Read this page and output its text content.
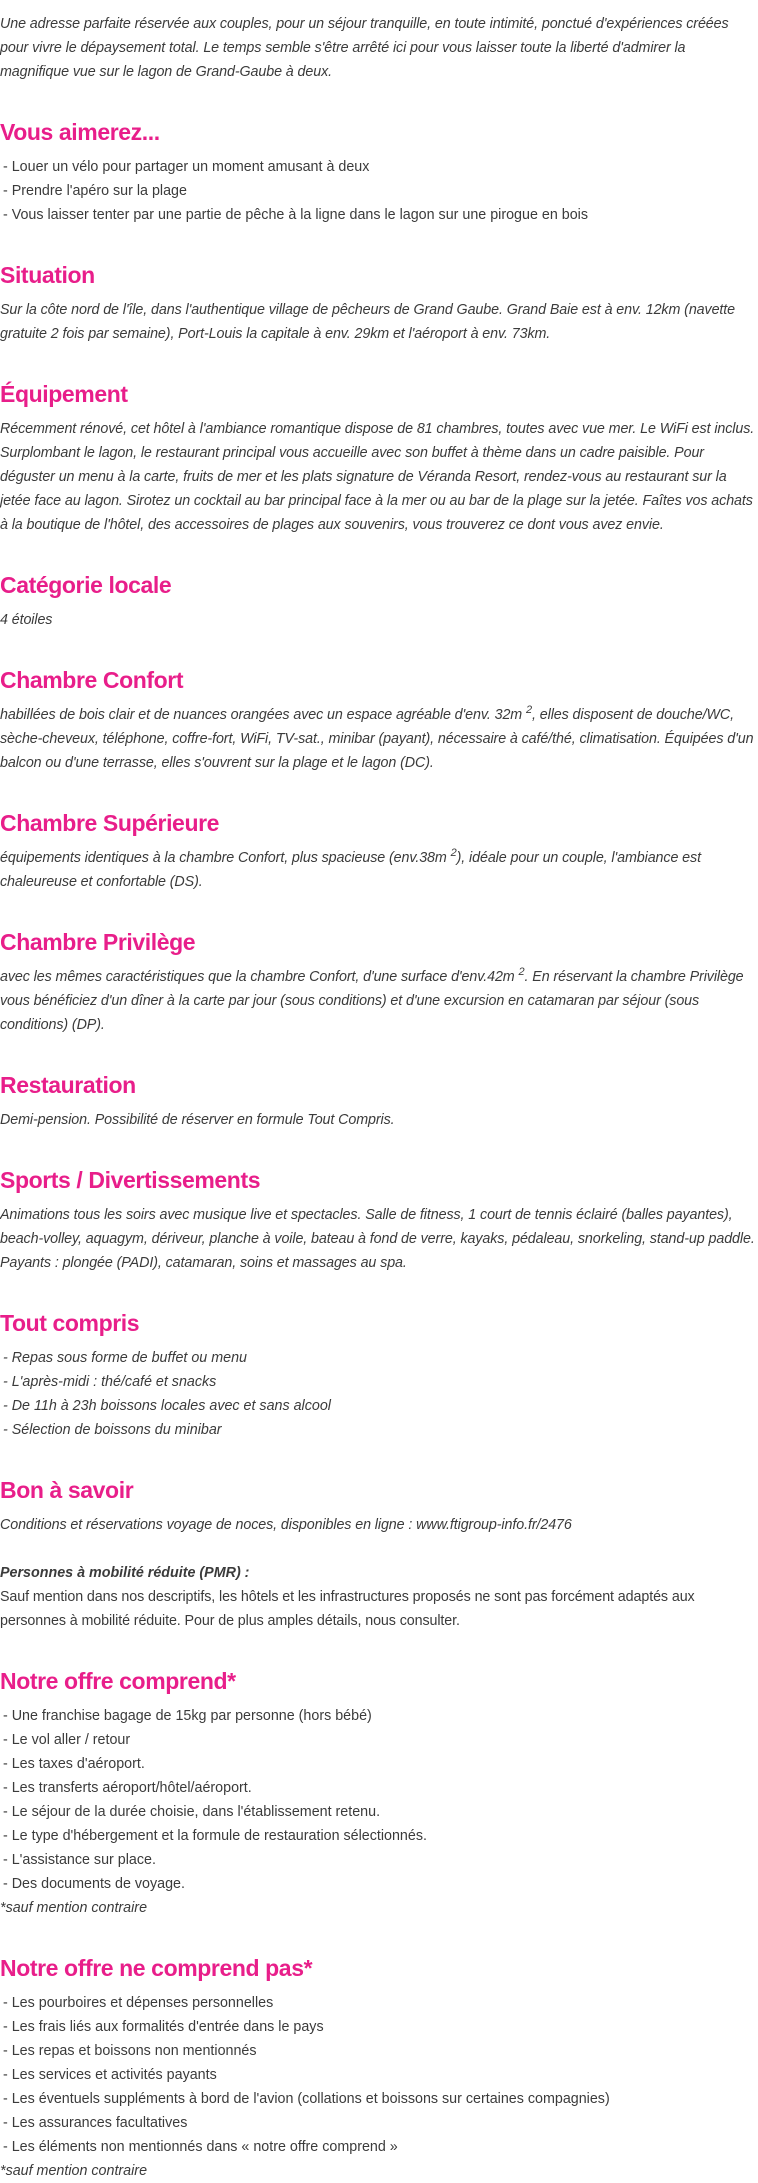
Une adresse parfaite réservée aux couples, pour un séjour tranquille, en toute intimité, ponctué d'expériences créées pour vivre le dépaysement total. Le temps semble s'être arrêté ici pour vous laisser toute la liberté d'admirer la magnifique vue sur le lagon de Grand-Gaube à deux.

Vous aimerez...
- Louer un vélo pour partager un moment amusant à deux
- Prendre l'apéro sur la plage
- Vous laisser tenter par une partie de pêche à la ligne dans le lagon sur une pirogue en bois
Situation

Sur la côte nord de l'île, dans l'authentique village de pêcheurs de Grand Gaube. Grand Baie est à env. 12km (navette gratuite 2 fois par semaine), Port-Louis la capitale à env. 29km et l'aéroport à env. 73km.

Équipement

Récemment rénové, cet hôtel à l'ambiance romantique dispose de 81 chambres, toutes avec vue mer. Le WiFi est inclus. Surplombant le lagon, le restaurant principal vous accueille avec son buffet à thème dans un cadre paisible. Pour déguster un menu à la carte, fruits de mer et les plats signature de Véranda Resort, rendez-vous au restaurant sur la jetée face au lagon. Sirotez un cocktail au bar principal face à la mer ou au bar de la plage sur la jetée. Faîtes vos achats à la boutique de l'hôtel, des accessoires de plages aux souvenirs, vous trouverez ce dont vous avez envie.

Catégorie locale

4 étoiles

Chambre Confort

habillées de bois clair et de nuances orangées avec un espace agréable d'env. 32m $^2$, elles disposent de douche/WC, sèche-cheveux, téléphone, coffre-fort, WiFi, TV-sat., minibar (payant), nécessaire à café/thé, climatisation. Équipées d'un balcon ou d'une terrasse, elles s'ouvrent sur la plage et le lagon (DC).

Chambre Supérieure

équipements identiques à la chambre Confort, plus spacieuse (env.38m $^2$), idéale pour un couple, l'ambiance est chaleureuse et confortable (DS).

Chambre Privilège

avec les mêmes caractéristiques que la chambre Confort, d'une surface d'env.42m $^2$. En réservant la chambre Privilège vous bénéficiez d'un dîner à la carte par jour (sous conditions) et d'une excursion en catamaran par séjour (sous conditions) (DP).

Restauration

Demi-pension. Possibilité de réserver en formule Tout Compris.

Sports / Divertissements

Animations tous les soirs avec musique live et spectacles. Salle de fitness, 1 court de tennis éclairé (balles payantes), beach-volley, aquagym, dériveur, planche à voile, bateau à fond de verre, kayaks, pédaleau, snorkeling, stand-up paddle. Payants : plongée (PADI), catamaran, soins et massages au spa.

Tout compris
- Repas sous forme de buffet ou menu
- L'après-midi : thé/café et snacks
- De 11h à 23h boissons locales avec et sans alcool
- Sélection de boissons du minibar
Bon à savoir

Conditions et réservations voyage de noces, disponibles en ligne : www.ftigroup-info.fr/2476

Personnes à mobilité réduite (PMR) :

Sauf mention dans nos descriptifs, les hôtels et les infrastructures proposés ne sont pas forcément adaptés aux personnes à mobilité réduite. Pour de plus amples détails, nous consulter.

Notre offre comprend*
- Une franchise bagage de 15kg par personne (hors bébé)
- Le vol aller / retour
- Les taxes d'aéroport.
- Les transferts aéroport/hôtel/aéroport.
- Le séjour de la durée choisie, dans l'établissement retenu.
- Le type d'hébergement et la formule de restauration sélectionnés.
- L'assistance sur place.
- Des documents de voyage.
*sauf mention contraire
Notre offre ne comprend pas*
- Les pourboires et dépenses personnelles
- Les frais liés aux formalités d'entrée dans le pays
- Les repas et boissons non mentionnés
- Les services et activités payants
- Les éventuels suppléments à bord de l'avion (collations et boissons sur certaines compagnies)
- Les assurances facultatives
- Les éléments non mentionnés dans « notre offre comprend »
*sauf mention contraire
